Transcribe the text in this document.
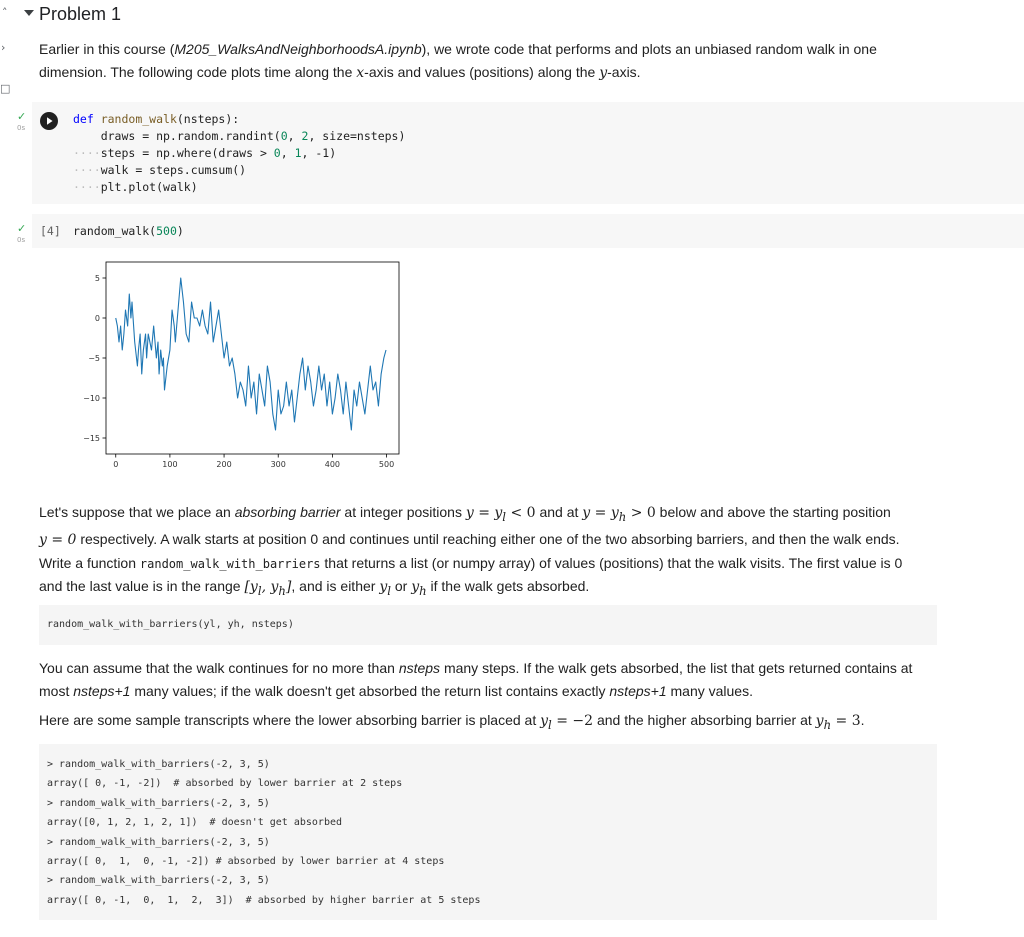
˄
›
□
Problem 1
Earlier in this course (M205_WalksAndNeighborhoodsA.ipynb), we wrote code that performs and plots an unbiased random walk in one dimension. The following code plots time along the x-axis and values (positions) along the y-axis.
✓
0s
def random_walk(nsteps):
draws = np.random.randint(0, 2, size=nsteps)
····steps = np.where(draws > 0, 1, -1)
····walk = steps.cumsum()
····plt.plot(walk)
✓
0s
[4] random_walk(500)
0	100	200	300	400	500
5
0
−5
−10
−15
Let's suppose that we place an absorbing barrier at integer positions $y = y_l < 0$ and at $y = y_h > 0$ below and above the starting position
y = 0 respectively. A walk starts at position 0 and continues until reaching either one of the two absorbing barriers, and then the walk ends.
Write a function random_walk_with_barriers that returns a list (or numpy array) of values (positions) that the walk visits. The first value is 0
and the last value is in the range [$y_l$, $y_h$], and is either $y_l$ or $y_h$ if the walk gets absorbed.
random_walk_with_barriers(yl, yh, nsteps)
You can assume that the walk continues for no more than nsteps many steps. If the walk gets absorbed, the list that gets returned contains at
most nsteps+1 many values; if the walk doesn't get absorbed the return list contains exactly nsteps+1 many values.
Here are some sample transcripts where the lower absorbing barrier is placed at $y_l = -2$ and the higher absorbing barrier at $y_h = 3$.
> random_walk_with_barriers(-2, 3, 5)
array([ 0, -1, -2])  # absorbed by lower barrier at 2 steps
> random_walk_with_barriers(-2, 3, 5)
array([0, 1, 2, 1, 2, 1])  # doesn't get absorbed
> random_walk_with_barriers(-2, 3, 5)
array([ 0,  1,  0, -1, -2]) # absorbed by lower barrier at 4 steps
> random_walk_with_barriers(-2, 3, 5)
array([ 0, -1,  0,  1,  2,  3])  # absorbed by higher barrier at 5 steps
